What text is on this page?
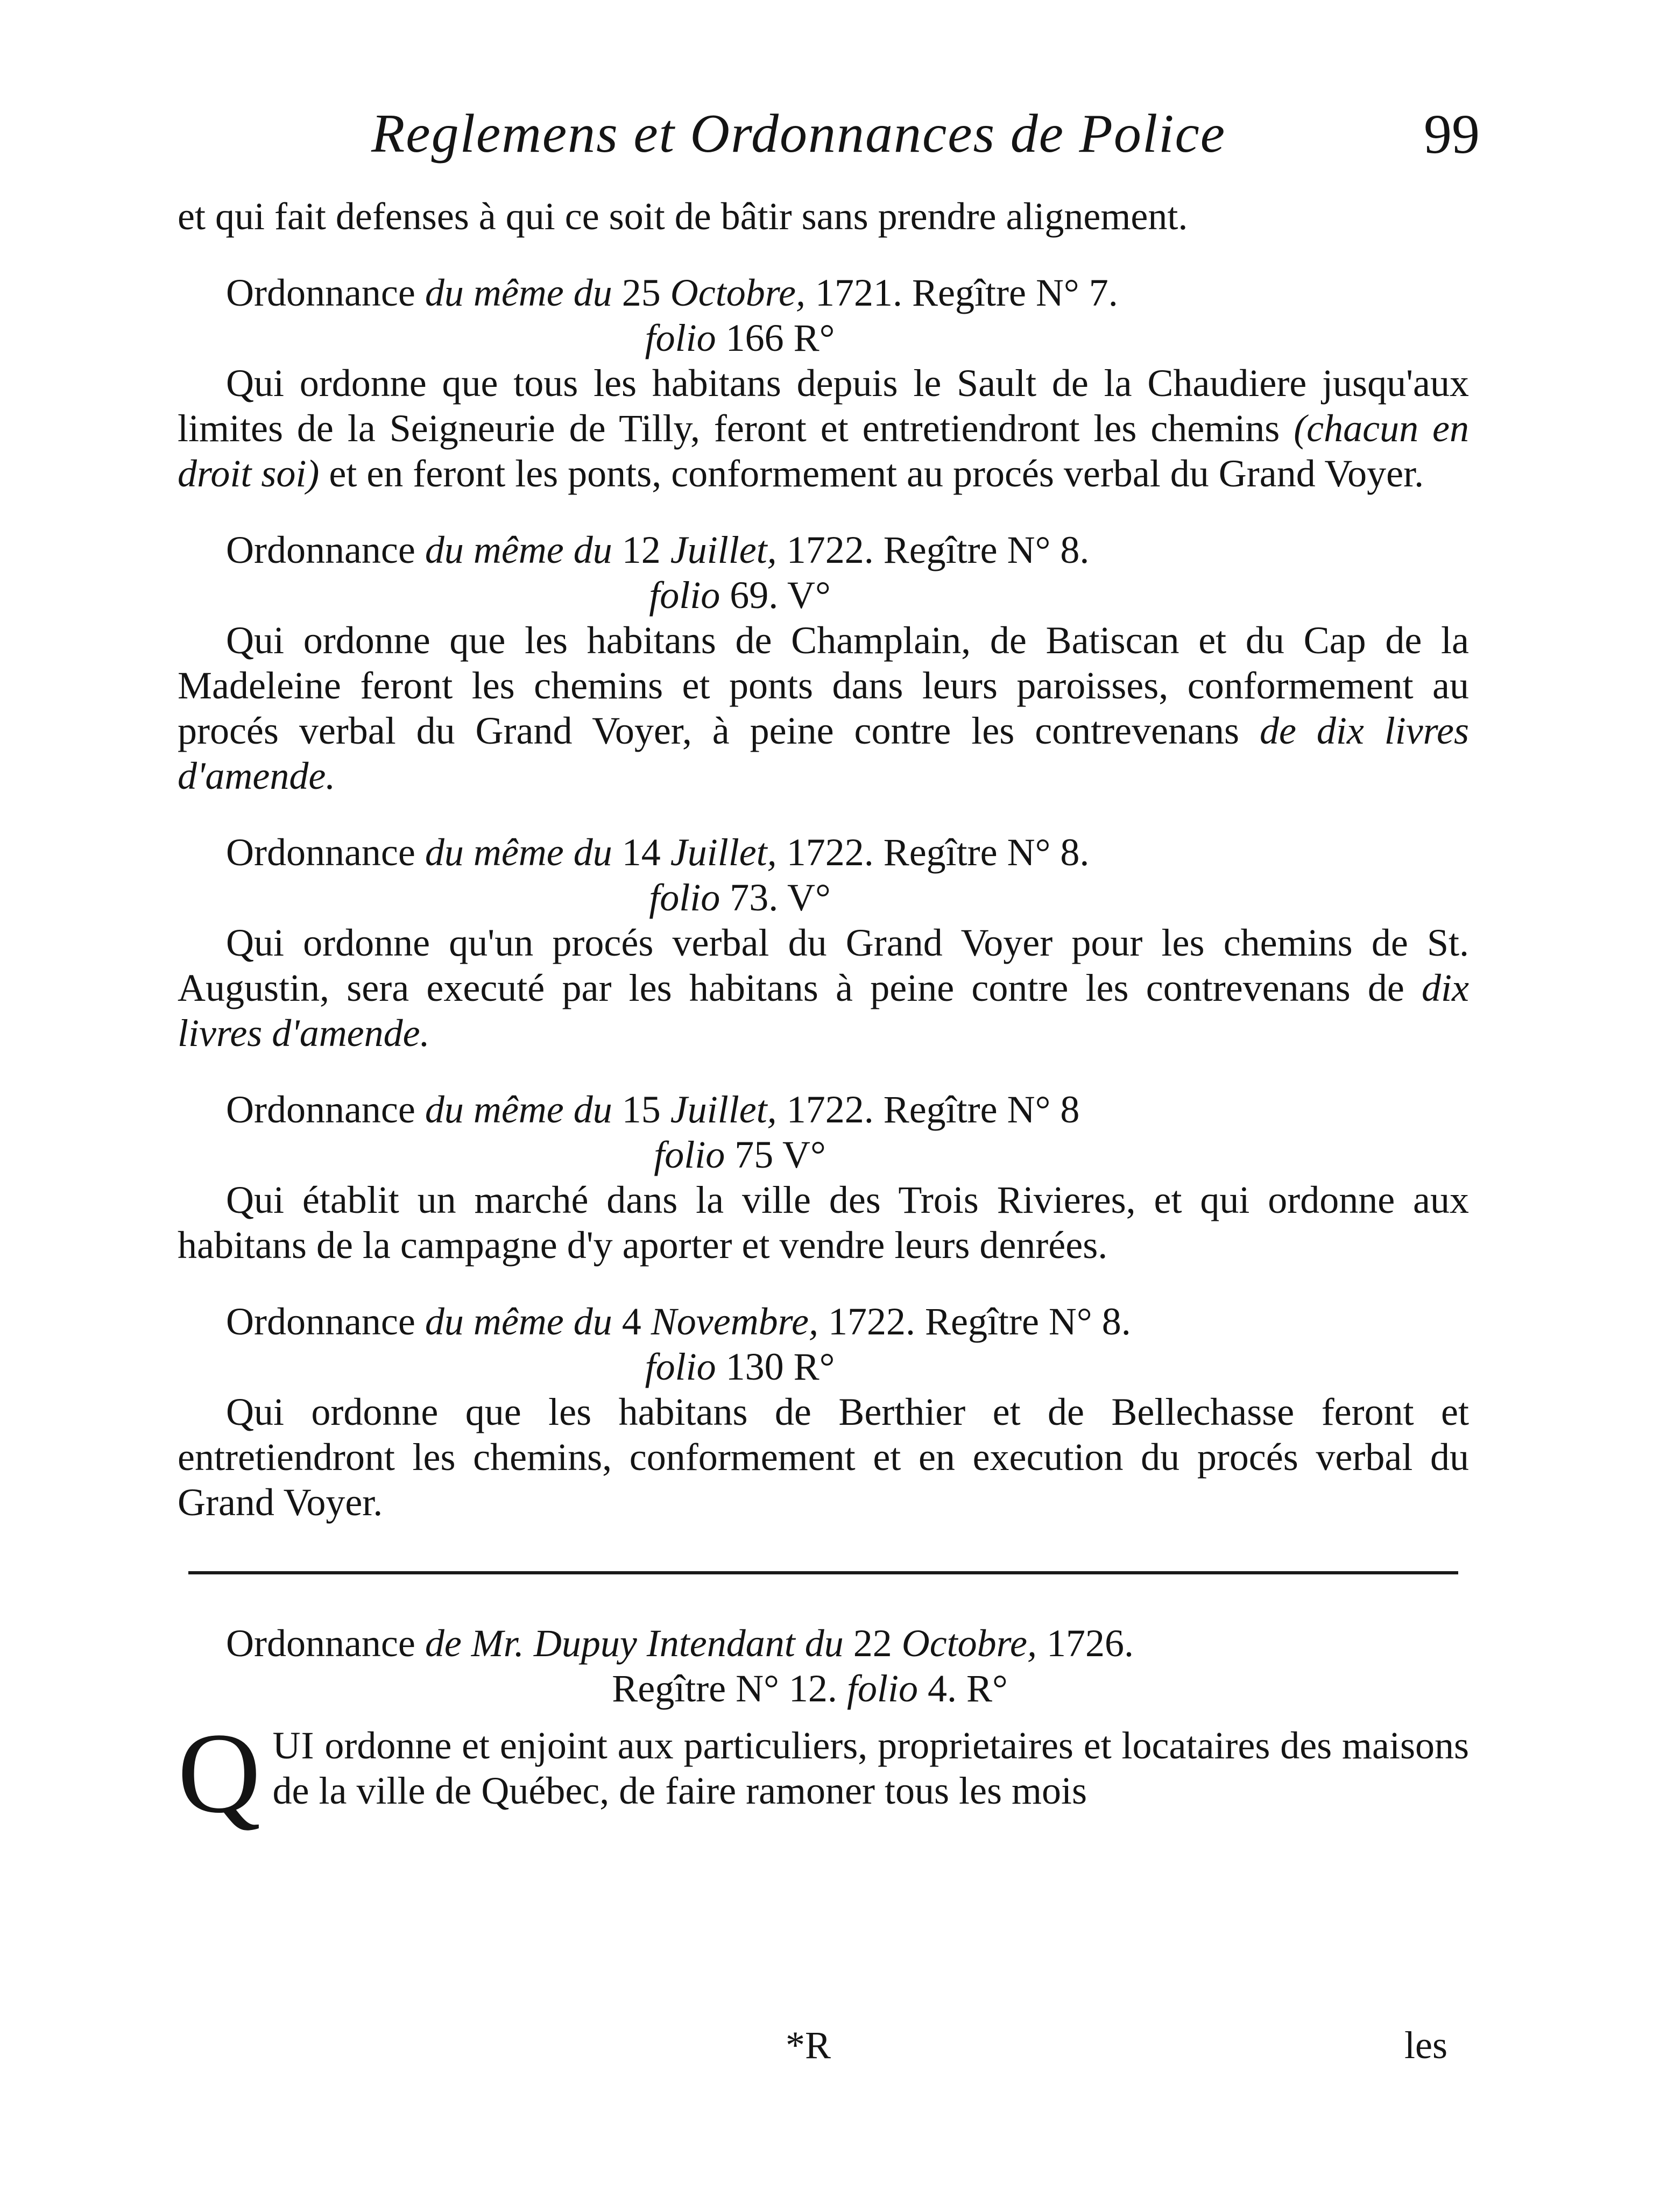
Reglemens et Ordonnances de Police	99

et qui fait defenses à qui ce soit de bâtir sans prendre alignement.

Ordonnance du même du 25 Octobre, 1721. Regître N° 7.
folio 166 R°

Qui ordonne que tous les habitans depuis le Sault de la Chaudiere jusqu'aux limites de la Seigneurie de Tilly, feront et entretiendront les chemins (chacun en droit soi) et en feront les ponts, conformement au procés verbal du Grand Voyer.

Ordonnance du même du 12 Juillet, 1722. Regître N° 8.
folio 69. V°

Qui ordonne que les habitans de Champlain, de Batiscan et du Cap de la Madeleine feront les chemins et ponts dans leurs paroisses, conformement au procés verbal du Grand Voyer, à peine contre les contrevenans de dix livres d'amende.

Ordonnance du même du 14 Juillet, 1722. Regître N° 8.
folio 73. V°

Qui ordonne qu'un procés verbal du Grand Voyer pour les chemins de St. Augustin, sera executé par les habitans à peine contre les contrevenans de dix livres d'amende.

Ordonnance du même du 15 Juillet, 1722. Regître N° 8
folio 75 V°

Qui établit un marché dans la ville des Trois Rivieres, et qui ordonne aux habitans de la campagne d'y aporter et vendre leurs denrées.

Ordonnance du même du 4 Novembre, 1722. Regître N° 8.
folio 130 R°

Qui ordonne que les habitans de Berthier et de Bellechasse feront et entretiendront les chemins, conformement et en execution du procés verbal du Grand Voyer.

Ordonnance de Mr. Dupuy Intendant du 22 Octobre, 1726.
Regître N° 12. folio 4. R°

Q UI ordonne et enjoint aux particuliers, proprietaires et locataires des maisons de la ville de Québec, de faire ramoner tous les mois
*R	les
